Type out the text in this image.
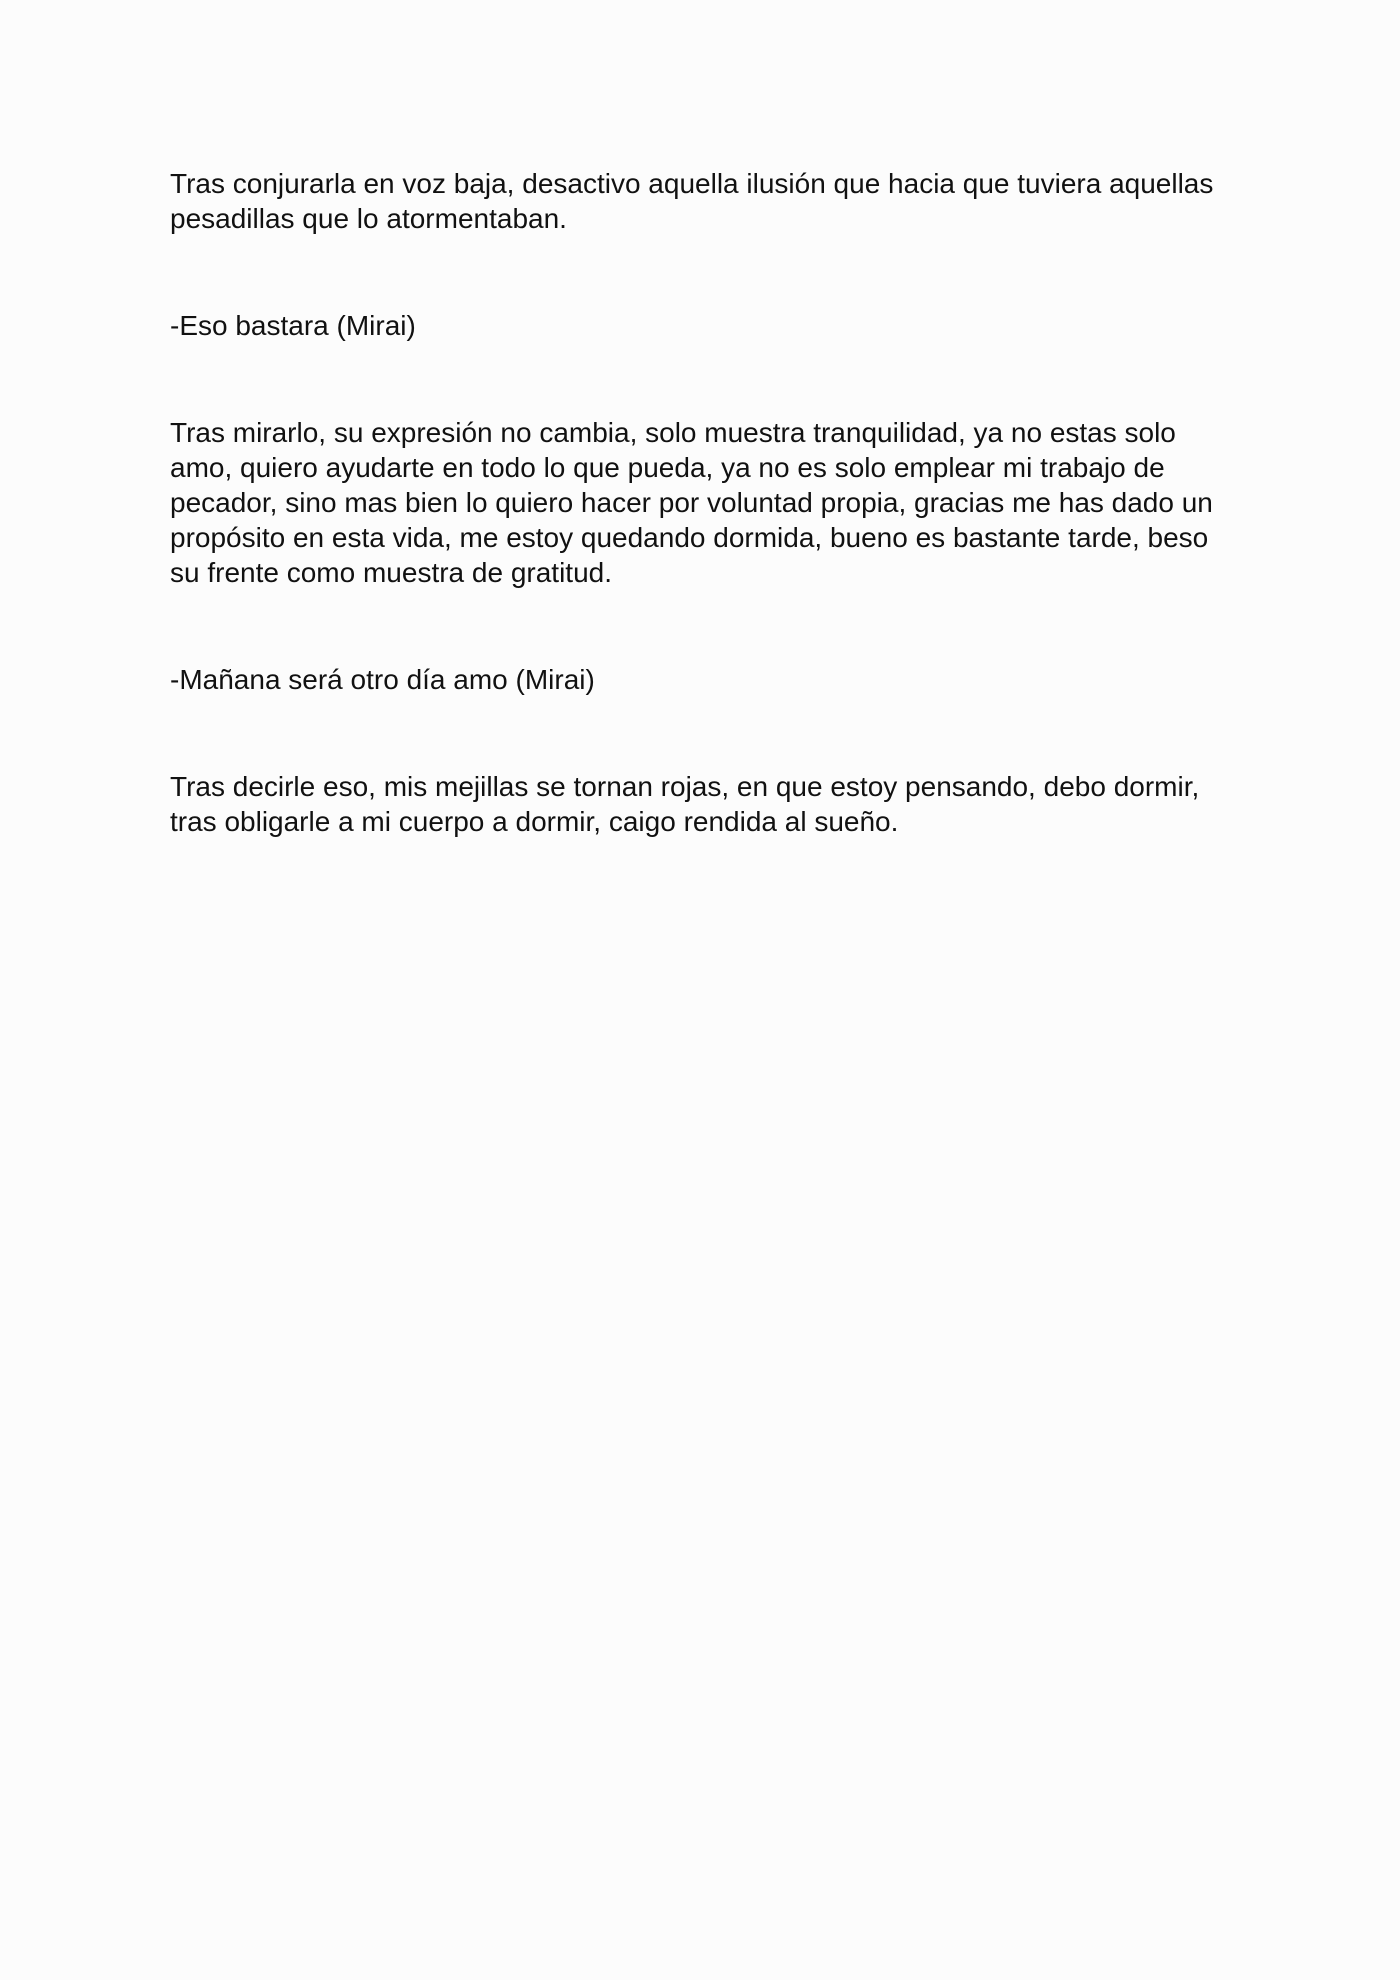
Tras conjurarla en voz baja, desactivo aquella ilusión que hacia que tuviera aquellas

pesadillas que lo atormentaban.

-Eso bastara (Mirai)

Tras mirarlo, su expresión no cambia, solo muestra tranquilidad, ya no estas solo

amo, quiero ayudarte en todo lo que pueda, ya no es solo emplear mi trabajo de

pecador, sino mas bien lo quiero hacer por voluntad propia, gracias me has dado un

propósito en esta vida, me estoy quedando dormida, bueno es bastante tarde, beso

su frente como muestra de gratitud.

-Mañana será otro día amo (Mirai)

Tras decirle eso, mis mejillas se tornan rojas, en que estoy pensando, debo dormir,

tras obligarle a mi cuerpo a dormir, caigo rendida al sueño.
